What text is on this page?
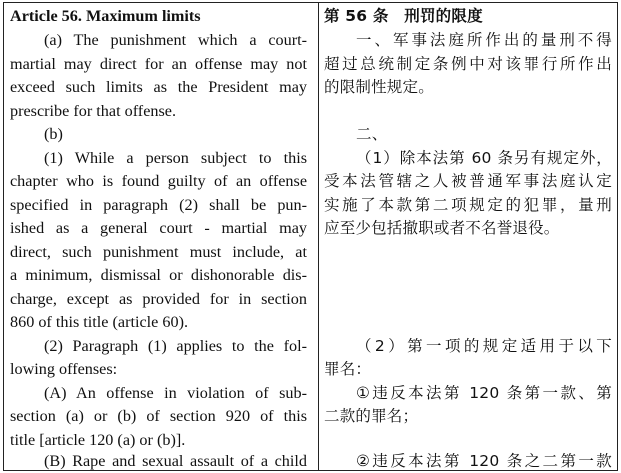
Article 56. Maximum limits
(a) The punishment which a court-
martial may direct for an offense may not
exceed such limits as the President may
prescribe for that offense.
(b)
(1) While a person subject to this
chapter who is found guilty of an offense
specified in paragraph (2) shall be pun-
ished as a general court - martial may
direct, such punishment must include, at
a minimum, dismissal or dishonorable dis-
charge, except as provided for in section
860 of this title (article 60).
(2) Paragraph (1) applies to the fol-
lowing offenses:
(A) An offense in violation of sub-
section (a) or (b) of section 920 of this
title [article 120 (a) or (b)].
(B) Rape and sexual assault of a child
第 56 条　刑罚的限度
一、军事法庭所作出的量刑不得
超过总统制定条例中对该罪行所作出
的限制性规定。
二、
（1）除本法第 60 条另有规定外，
受本法管辖之人被普通军事法庭认定
实施了本款第二项规定的犯罪，量刑
应至少包括撤职或者不名誉退役。
（2）第一项的规定适用于以下
罪名：
①违反本法第 120 条第一款、第
二款的罪名；
②违反本法第 120 条之二第一款
